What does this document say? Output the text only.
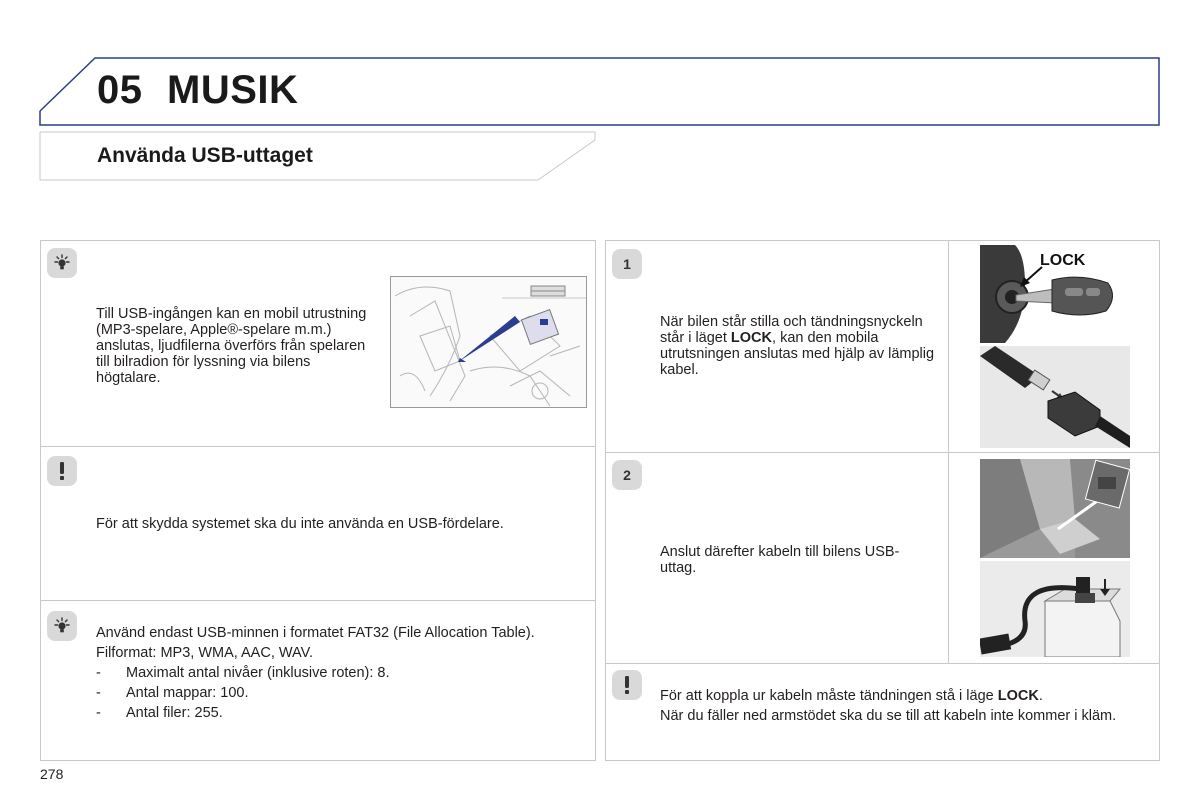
05 MUSIK
Använda USB-uttaget
Till USB-ingången kan en mobil utrustning (MP3-spelare, Apple®-spelare m.m.) anslutas, ljudfilerna överförs från spelaren till bilradion för lyssning via bilens högtalare.
För att skydda systemet ska du inte använda en USB-fördelare.

Använd endast USB-minnen i formatet FAT32 (File Allocation Table).

Filformat: MP3, WMA, AAC, WAV.

- Maximalt antal nivåer (inklusive roten): 8.
- Antal mappar: 100.
- Antal filer: 255.
1
När bilen står stilla och tändningsnyckeln står i läget LOCK, kan den mobila utrutsningen anslutas med hjälp av lämplig kabel.
LOCK
2
Anslut därefter kabeln till bilens USB-uttag.

För att koppla ur kabeln måste tändningen stå i läge LOCK.

När du fäller ned armstödet ska du se till att kabeln inte kommer i kläm.

278
